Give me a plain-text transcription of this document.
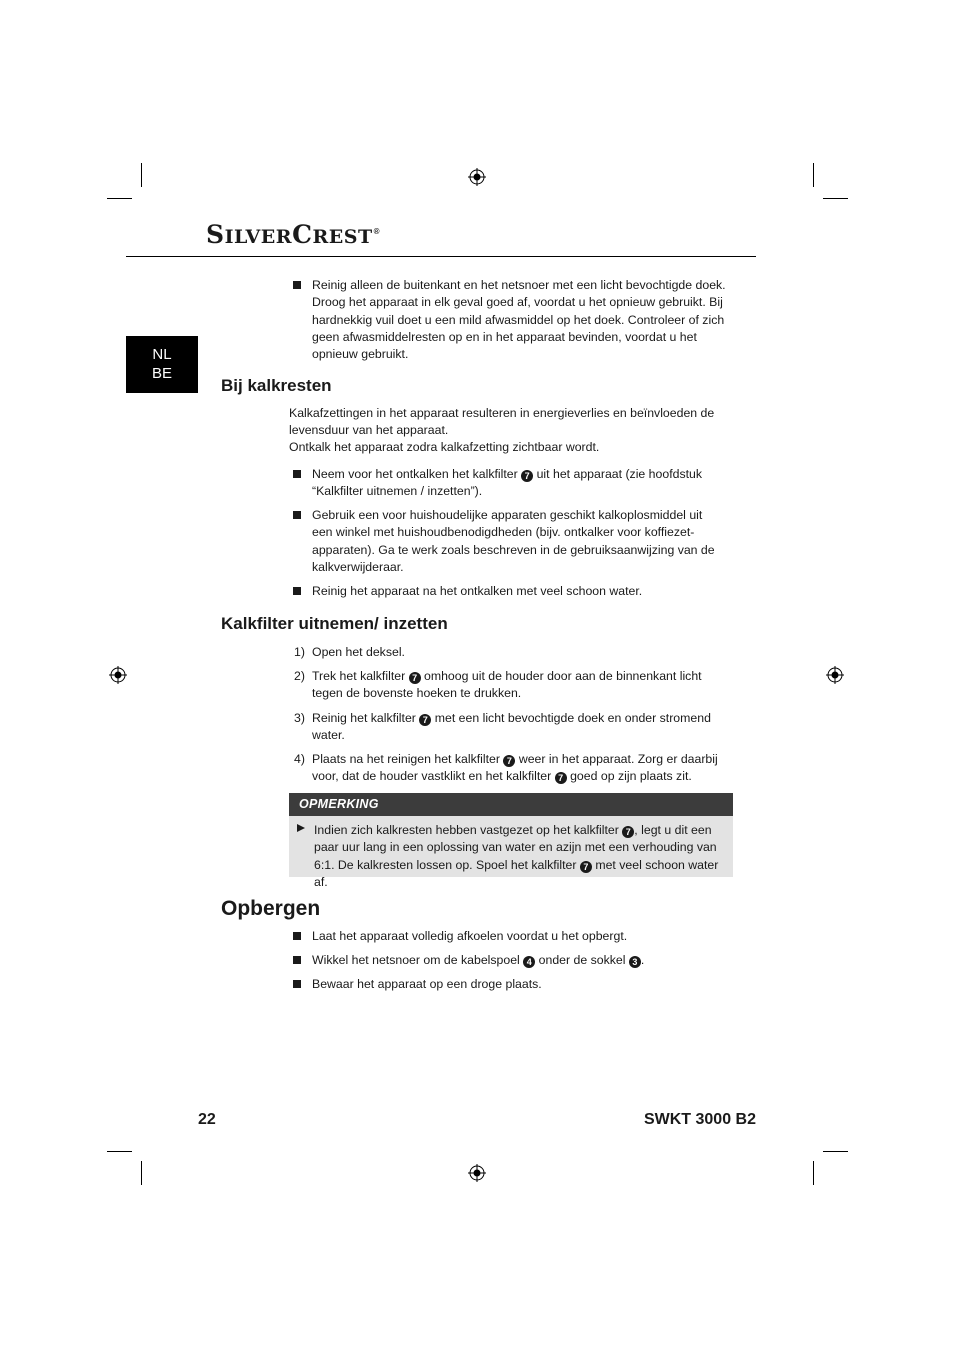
SILVERCREST®
NL
BE
Reinig alleen de buitenkant en het netsnoer met een licht bevochtigde doek. Droog het apparaat in elk geval goed af, voordat u het opnieuw gebruikt. Bij hardnekkig vuil doet u een mild afwasmiddel op het doek. Controleer of zich geen afwasmiddelresten op en in het apparaat bevinden, voordat u het opnieuw gebruikt.
Bij kalkresten
Kalkafzettingen in het apparaat resulteren in energieverlies en beïnvloeden de levensduur van het apparaat.
Ontkalk het apparaat zodra kalkafzetting zichtbaar wordt.
Neem voor het ontkalken het kalkfilter 7 uit het apparaat (zie hoofdstuk “Kalkfilter uitnemen / inzetten”).
Gebruik een voor huishoudelijke apparaten geschikt kalkoplosmiddel uit een winkel met huishoudbenodigdheden (bijv. ontkalker voor koffiezetapparaten). Ga te werk zoals beschreven in de gebruiksaanwijzing van de kalkverwijderaar.
Reinig het apparaat na het ontkalken met veel schoon water.
Kalkfilter uitnemen/ inzetten
1) Open het deksel.
2) Trek het kalkfilter 7 omhoog uit de houder door aan de binnenkant licht tegen de bovenste hoeken te drukken.
3) Reinig het kalkfilter 7 met een licht bevochtigde doek en onder stromend water.
4) Plaats na het reinigen het kalkfilter 7 weer in het apparaat. Zorg er daarbij voor, dat de houder vastklikt en het kalkfilter 7 goed op zijn plaats zit.
OPMERKING
Indien zich kalkresten hebben vastgezet op het kalkfilter 7 , legt u dit een paar uur lang in een oplossing van water en azijn met een verhouding van 6:1. De kalkresten lossen op. Spoel het kalkfilter 7 met veel schoon water af.
Opbergen
Laat het apparaat volledig afkoelen voordat u het opbergt.
Wikkel het netsnoer om de kabelspoel 4 onder de sokkel 3 .
Bewaar het apparaat op een droge plaats.
22	SWKT 3000 B2
